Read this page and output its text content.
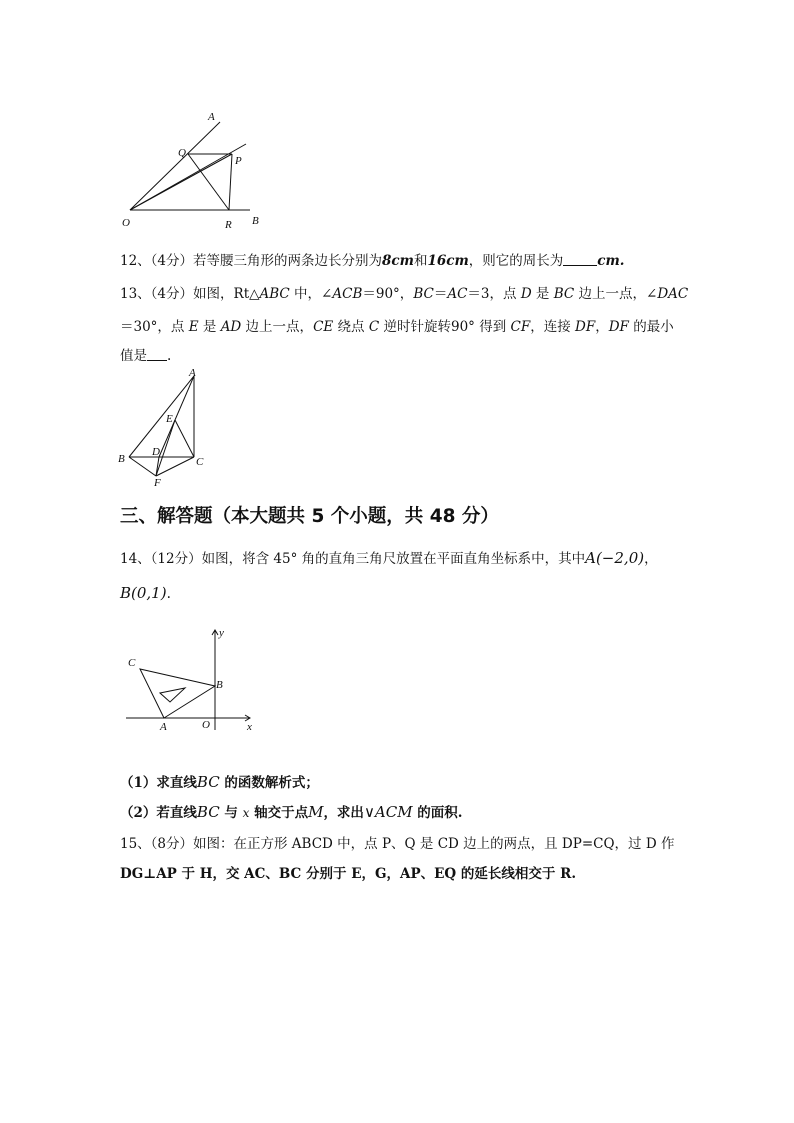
A
Q
P
O	R B
12、（4分）若等腰三角形的两条边长分别为8cm和16cm，则它的周长为	cm.
13、（4分）如图，Rt△ABC 中，∠ACB＝90°，BC＝AC＝3，点 D 是 BC 边上一点，∠DAC
＝30°，点 E 是 AD 边上一点，CE 绕点 C 逆时针旋转90° 得到 CF，连接 DF，DF 的最小
值是 .
A
E
B
D
C
F
三、解答题（本大题共 5 个小题，共 48 分）
14、（12分）如图，将含 45° 角的直角三角尺放置在平面直角坐标系中，其中A(−2,0)，
B(0,1).
y
C
B
A	O	x
（1）求直线BC 的函数解析式；
（2）若直线BC 与 x 轴交于点M，求出∨ACM 的面积.
15、（8分）如图：在正方形 ABCD 中，点 P、Q 是 CD 边上的两点，且 DP=CQ，过 D 作
DG⊥AP 于 H，交 AC、BC 分别于 E，G，AP、EQ 的延长线相交于 R.
